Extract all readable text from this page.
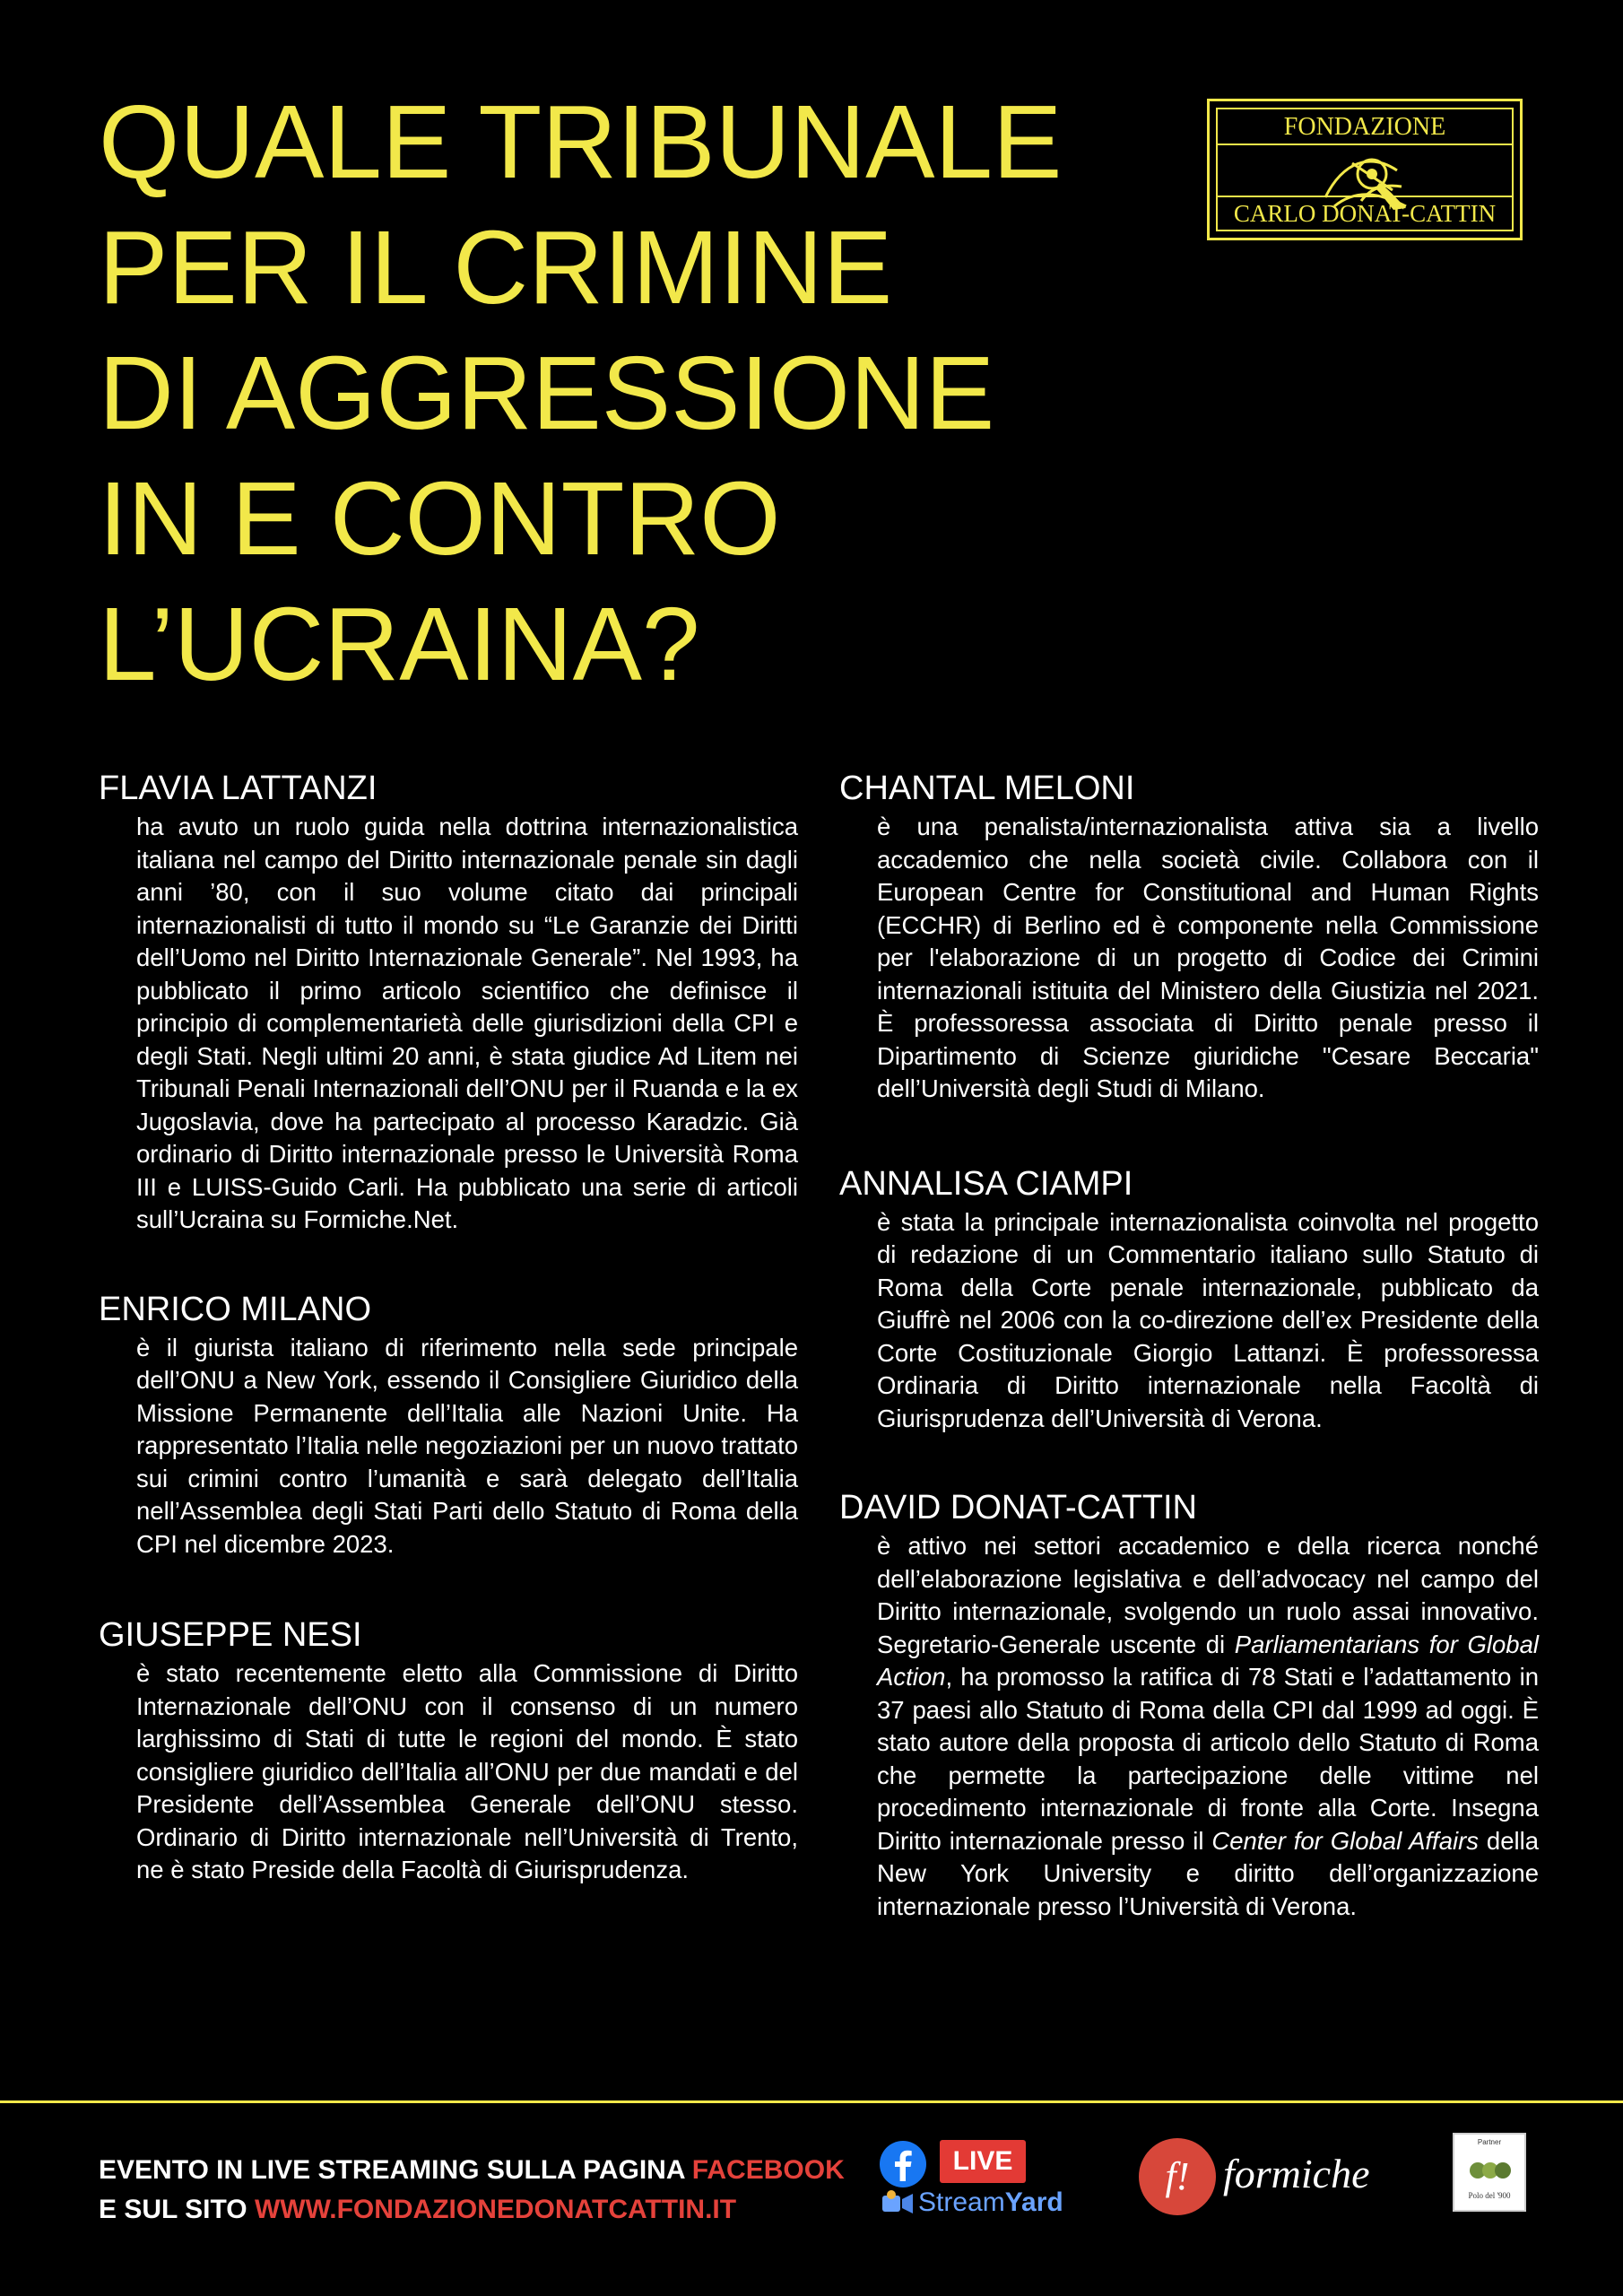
QUALE TRIBUNALE
PER IL CRIMINE
DI AGGRESSIONE
IN E CONTRO
L’UCRAINA?
FONDAZIONE
CARLO DONAT-CATTIN
FLAVIA LATTANZI

ha avuto un ruolo guida nella dottrina internazionalistica italiana nel campo del Diritto internazionale penale sin dagli anni ’80, con il suo volume citato dai principali internazionalisti di tutto il mondo su “Le Garanzie dei Diritti dell’Uomo nel Diritto Internazionale Generale”. Nel 1993, ha pubblicato il primo articolo scientifico che definisce il principio di complementarietà delle giurisdizioni della CPI e degli Stati. Negli ultimi 20 anni, è stata giudice Ad Litem nei Tribunali Penali Internazionali dell’ONU per il Ruanda e la ex Jugoslavia, dove ha partecipato al processo Karadzic. Già ordinario di Diritto internazionale presso le Università Roma III e LUISS-Guido Carli. Ha pubblicato una serie di articoli sull’Ucraina su Formiche.Net.

ENRICO MILANO

è il giurista italiano di riferimento nella sede principale dell’ONU a New York, essendo il Consigliere Giuridico della Missione Permanente dell’Italia alle Nazioni Unite. Ha rappresentato l’Italia nelle negoziazioni per un nuovo trattato sui crimini contro l’umanità e sarà delegato dell’Italia nell’Assemblea degli Stati Parti dello Statuto di Roma della CPI nel dicembre 2023.

GIUSEPPE NESI

è stato recentemente eletto alla Commissione di Diritto Internazionale dell’ONU con il consenso di un numero larghissimo di Stati di tutte le regioni del mondo. È stato consigliere giuridico dell’Italia all’ONU per due mandati e del Presidente dell’Assemblea Generale dell’ONU stesso. Ordinario di Diritto internazionale nell’Università di Trento, ne è stato Preside della Facoltà di Giurisprudenza.

CHANTAL MELONI

è una penalista/internazionalista attiva sia a livello accademico che nella società civile. Collabora con il European Centre for Constitutional and Human Rights (ECCHR) di Berlino ed è componente nella Commissione per l'elaborazione di un progetto di Codice dei Crimini internazionali istituita del Ministero della Giustizia nel 2021. È professoressa associata di Diritto penale presso il Dipartimento di Scienze giuridiche "Cesare Beccaria" dell’Università degli Studi di Milano.

ANNALISA CIAMPI

è stata la principale internazionalista coinvolta nel progetto di redazione di un Commentario italiano sullo Statuto di Roma della Corte penale internazionale, pubblicato da Giuffrè nel 2006 con la co-direzione dell’ex Presidente della Corte Costituzionale Giorgio Lattanzi. È professoressa Ordinaria di Diritto internazionale nella Facoltà di Giurisprudenza dell’Università di Verona.

DAVID DONAT-CATTIN

è attivo nei settori accademico e della ricerca nonché dell’elaborazione legislativa e dell’advocacy nel campo del Diritto internazionale, svolgendo un ruolo assai innovativo. Segretario-Generale uscente di Parliamentarians for Global Action, ha promosso la ratifica di 78 Stati e l’adattamento in 37 paesi allo Statuto di Roma della CPI dal 1999 ad oggi. È stato autore della proposta di articolo dello Statuto di Roma che permette la partecipazione delle vittime nel procedimento internazionale di fronte alla Corte. Insegna Diritto internazionale presso il Center for Global Affairs della New York University e diritto dell’organizzazione internazionale presso l’Università di Verona.

EVENTO IN LIVE STREAMING SULLA PAGINA FACEBOOK
E SUL SITO WWW.FONDAZIONEDONATCATTIN.IT
LIVE
StreamYard
f! formiche
Partner
Polo del '900
